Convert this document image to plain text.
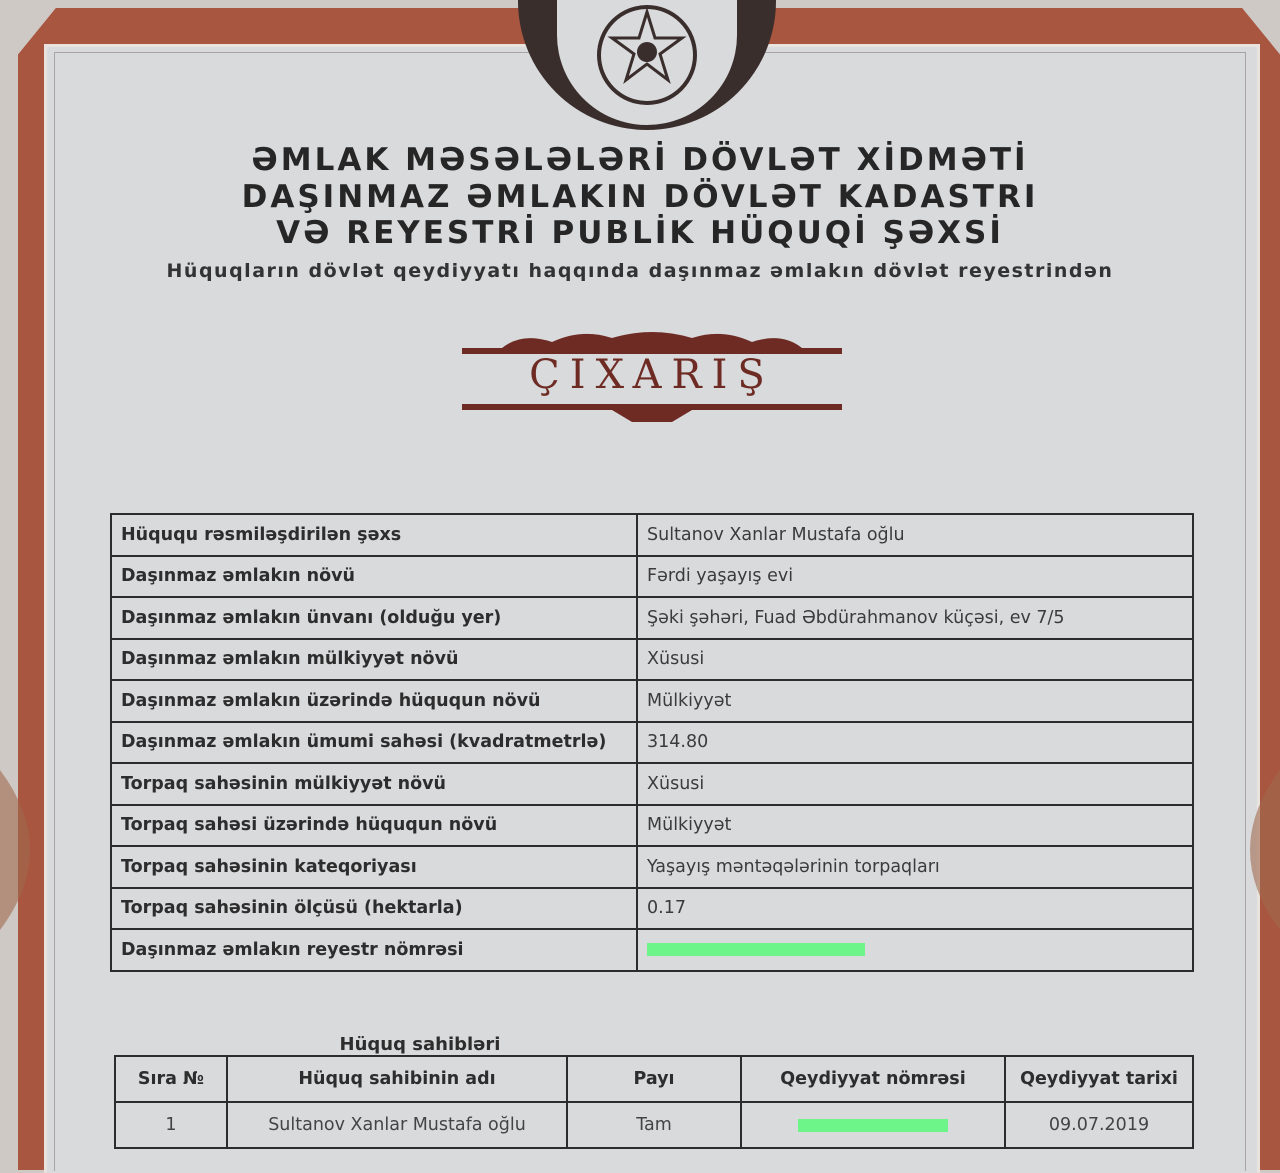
ƏMLAK MƏSƏLƏLƏRİ DÖVLƏT XİDMƏTİ
DAŞINMAZ ƏMLAKIN DÖVLƏT KADASTRI
VƏ REYESTRİ PUBLİK HÜQUQİ ŞƏXSİ
Hüquqların dövlət qeydiyyatı haqqında daşınmaz əmlakın dövlət reyestrindən
ÇIXARIŞ
Hüququ rəsmiləşdirilən şəxs	Sultanov Xanlar Mustafa oğlu
Daşınmaz əmlakın növü	Fərdi yaşayış evi
Daşınmaz əmlakın ünvanı (olduğu yer)	Şəki şəhəri, Fuad Əbdürahmanov küçəsi, ev 7/5
Daşınmaz əmlakın mülkiyyət növü	Xüsusi
Daşınmaz əmlakın üzərində hüququn növü	Mülkiyyət
Daşınmaz əmlakın ümumi sahəsi (kvadratmetrlə)	314.80
Torpaq sahəsinin mülkiyyət növü	Xüsusi
Torpaq sahəsi üzərində hüququn növü	Mülkiyyət
Torpaq sahəsinin kateqoriyası	Yaşayış məntəqələrinin torpaqları
Torpaq sahəsinin ölçüsü (hektarla)	0.17
Daşınmaz əmlakın reyestr nömrəsi	
Hüquq sahibləri
Sıra №	Hüquq sahibinin adı	Payı	Qeydiyyat nömrəsi	Qeydiyyat tarixi
1	Sultanov Xanlar Mustafa oğlu	Tam		09.07.2019
